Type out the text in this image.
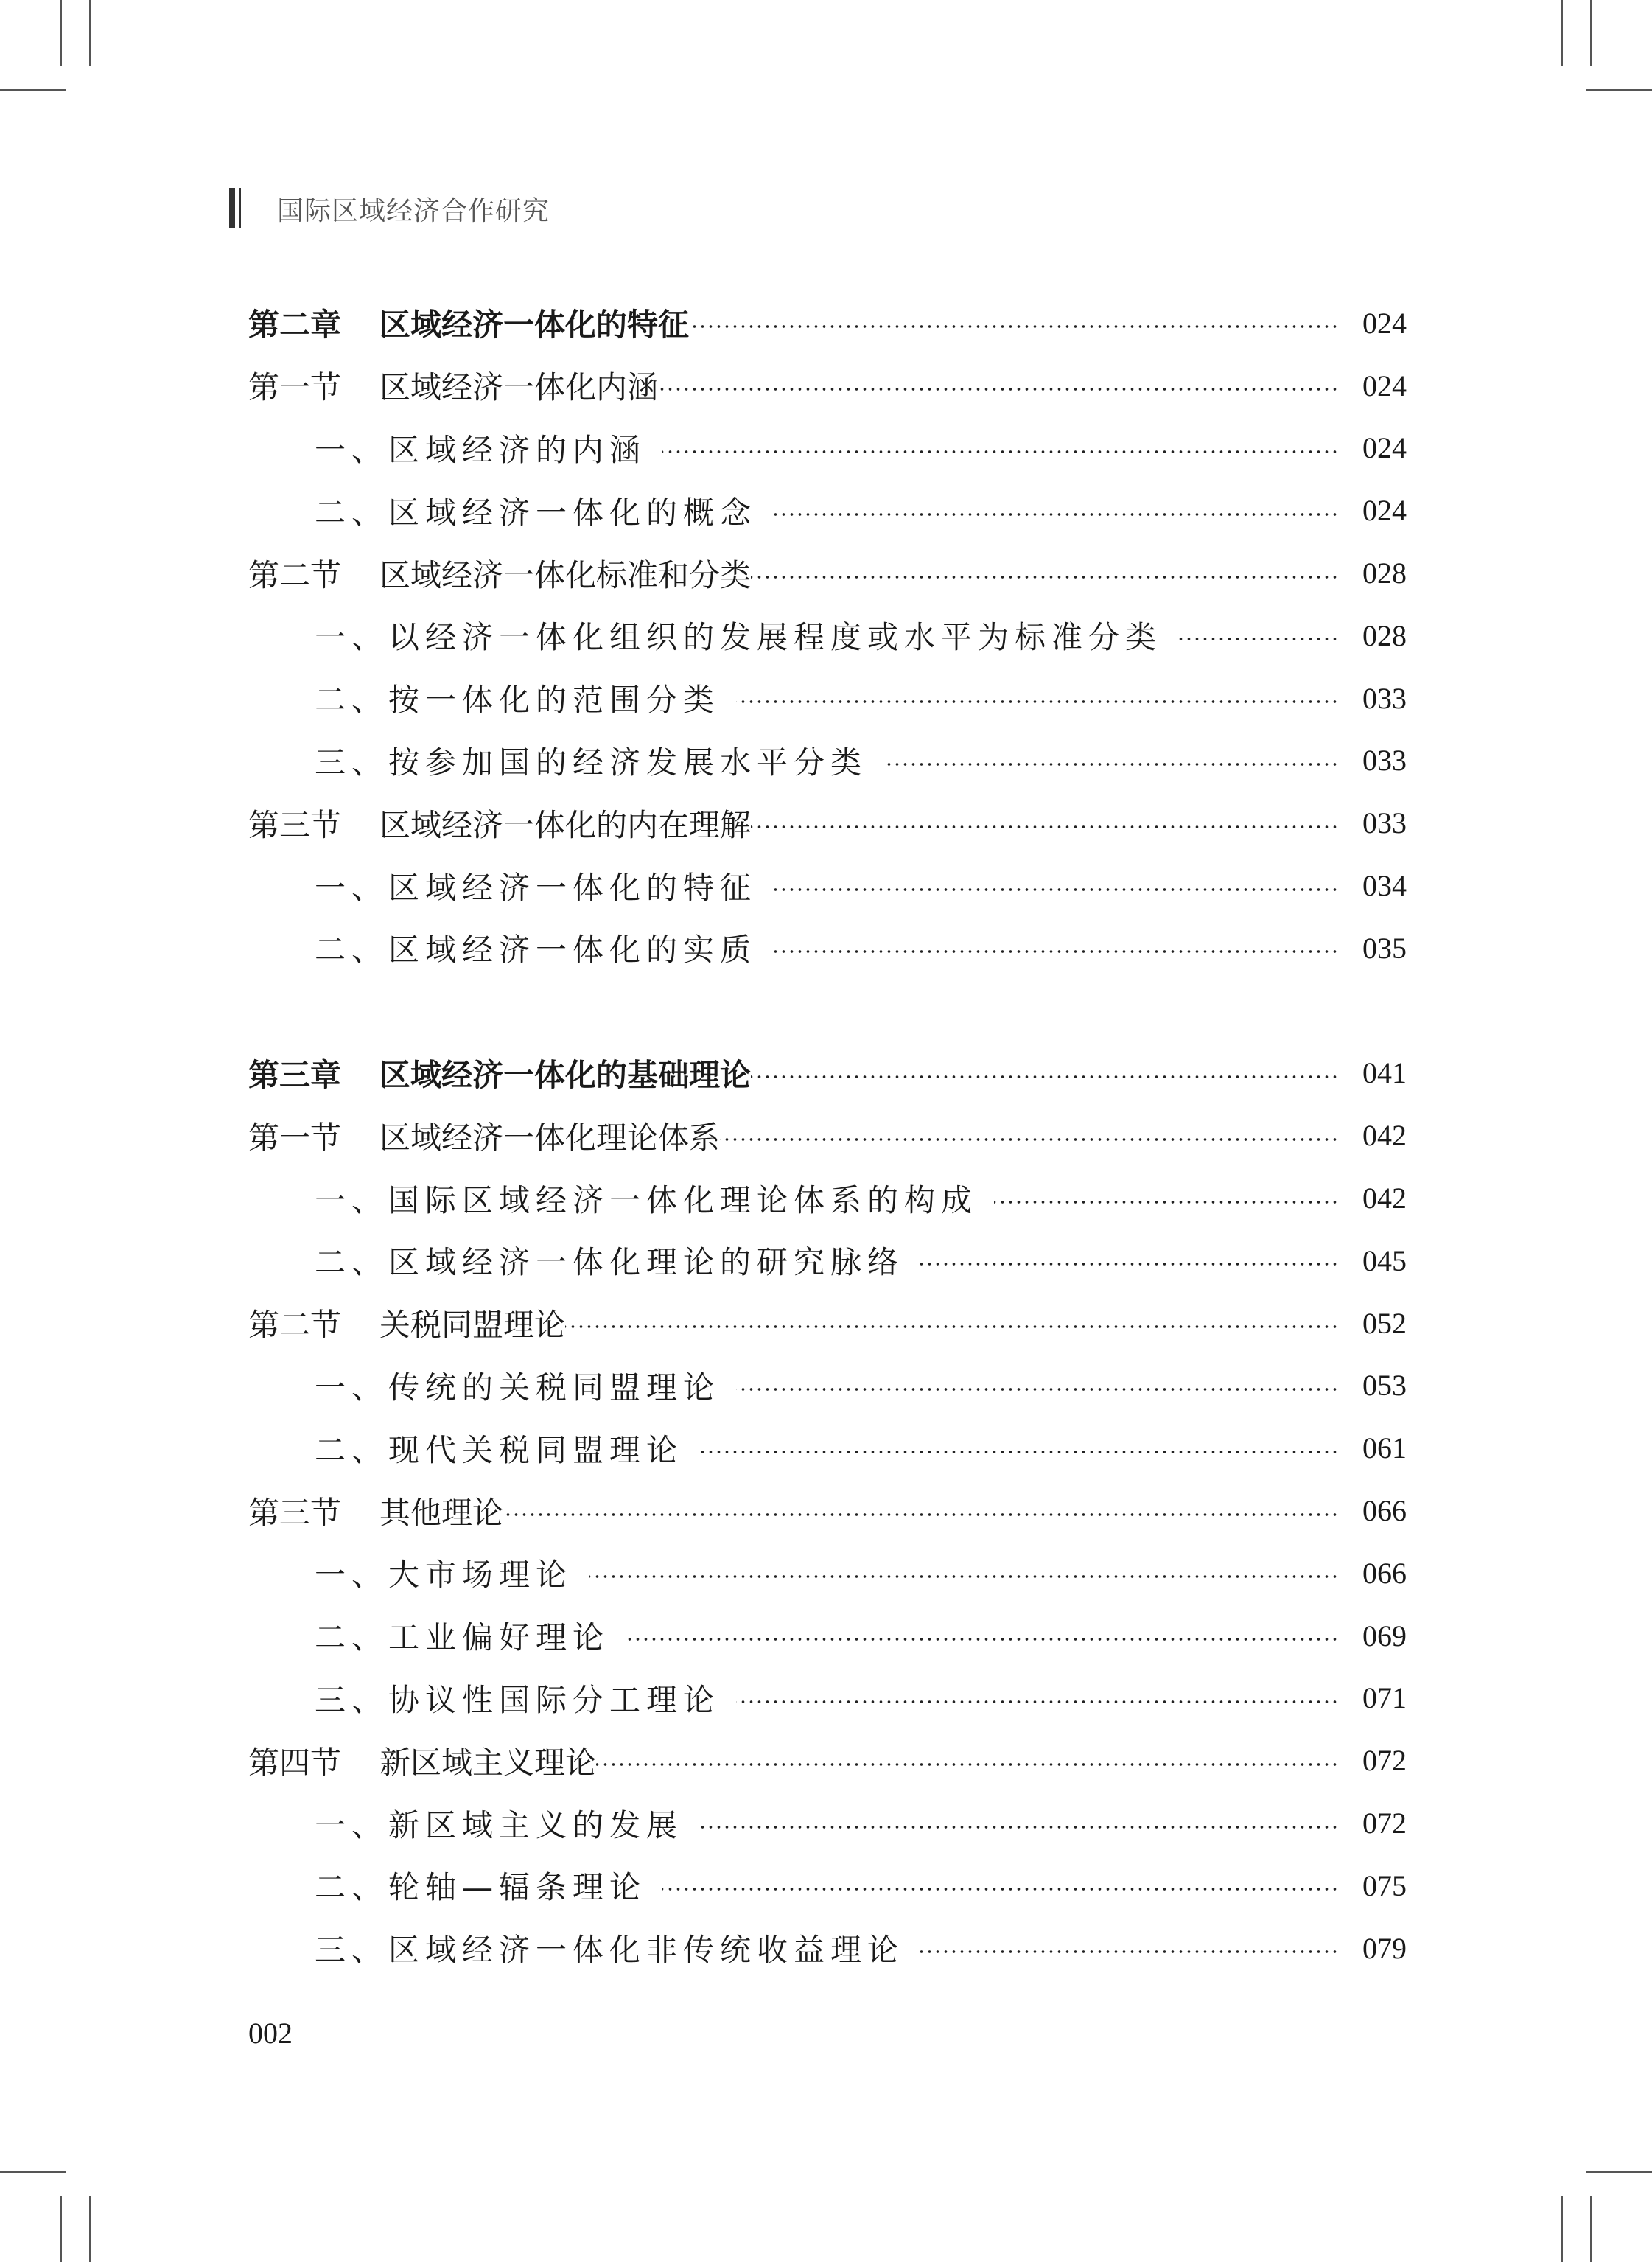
国际区域经济合作研究
第二章 区域经济一体化的特征	024
第一节 区域经济一体化内涵	024
一、区域经济的内涵	024
二、区域经济一体化的概念	024
第二节 区域经济一体化标准和分类	028
一、以经济一体化组织的发展程度或水平为标准分类	028
二、按一体化的范围分类	033
三、按参加国的经济发展水平分类	033
第三节 区域经济一体化的内在理解	033
一、区域经济一体化的特征	034
二、区域经济一体化的实质	035
第三章 区域经济一体化的基础理论	041
第一节 区域经济一体化理论体系	042
一、国际区域经济一体化理论体系的构成	042
二、区域经济一体化理论的研究脉络	045
第二节 关税同盟理论	052
一、传统的关税同盟理论	053
二、现代关税同盟理论	061
第三节 其他理论	066
一、大市场理论	066
二、工业偏好理论	069
三、协议性国际分工理论	071
第四节 新区域主义理论	072
一、新区域主义的发展	072
二、轮轴—辐条理论	075
三、区域经济一体化非传统收益理论	079
002
